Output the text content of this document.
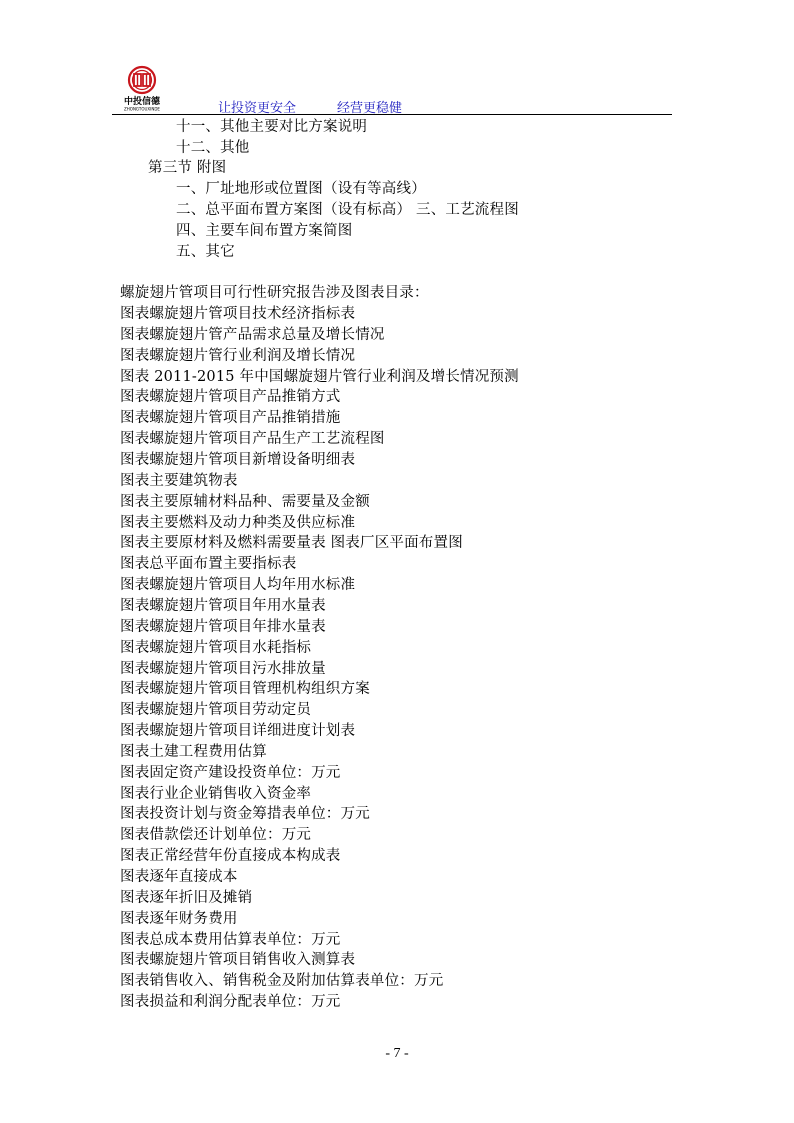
中投信德
ZHONGTOUXINDE	让投资更安全	经营更稳健
十一、其他主要对比方案说明
十二、其他
第三节 附图
一、厂址地形或位置图（设有等高线）
二、总平面布置方案图（设有标高） 三、工艺流程图
四、主要车间布置方案简图
五、其它
螺旋翅片管项目可行性研究报告涉及图表目录：
图表螺旋翅片管项目技术经济指标表
图表螺旋翅片管产品需求总量及增长情况
图表螺旋翅片管行业利润及增长情况
图表 2011-2015 年中国螺旋翅片管行业利润及增长情况预测
图表螺旋翅片管项目产品推销方式
图表螺旋翅片管项目产品推销措施
图表螺旋翅片管项目产品生产工艺流程图
图表螺旋翅片管项目新增设备明细表
图表主要建筑物表
图表主要原辅材料品种、需要量及金额
图表主要燃料及动力种类及供应标准
图表主要原材料及燃料需要量表 图表厂区平面布置图
图表总平面布置主要指标表
图表螺旋翅片管项目人均年用水标准
图表螺旋翅片管项目年用水量表
图表螺旋翅片管项目年排水量表
图表螺旋翅片管项目水耗指标
图表螺旋翅片管项目污水排放量
图表螺旋翅片管项目管理机构组织方案
图表螺旋翅片管项目劳动定员
图表螺旋翅片管项目详细进度计划表
图表土建工程费用估算
图表固定资产建设投资单位：万元
图表行业企业销售收入资金率
图表投资计划与资金筹措表单位：万元
图表借款偿还计划单位：万元
图表正常经营年份直接成本构成表
图表逐年直接成本
图表逐年折旧及摊销
图表逐年财务费用
图表总成本费用估算表单位：万元
图表螺旋翅片管项目销售收入测算表
图表销售收入、销售税金及附加估算表单位：万元
图表损益和利润分配表单位：万元
- 7 -
